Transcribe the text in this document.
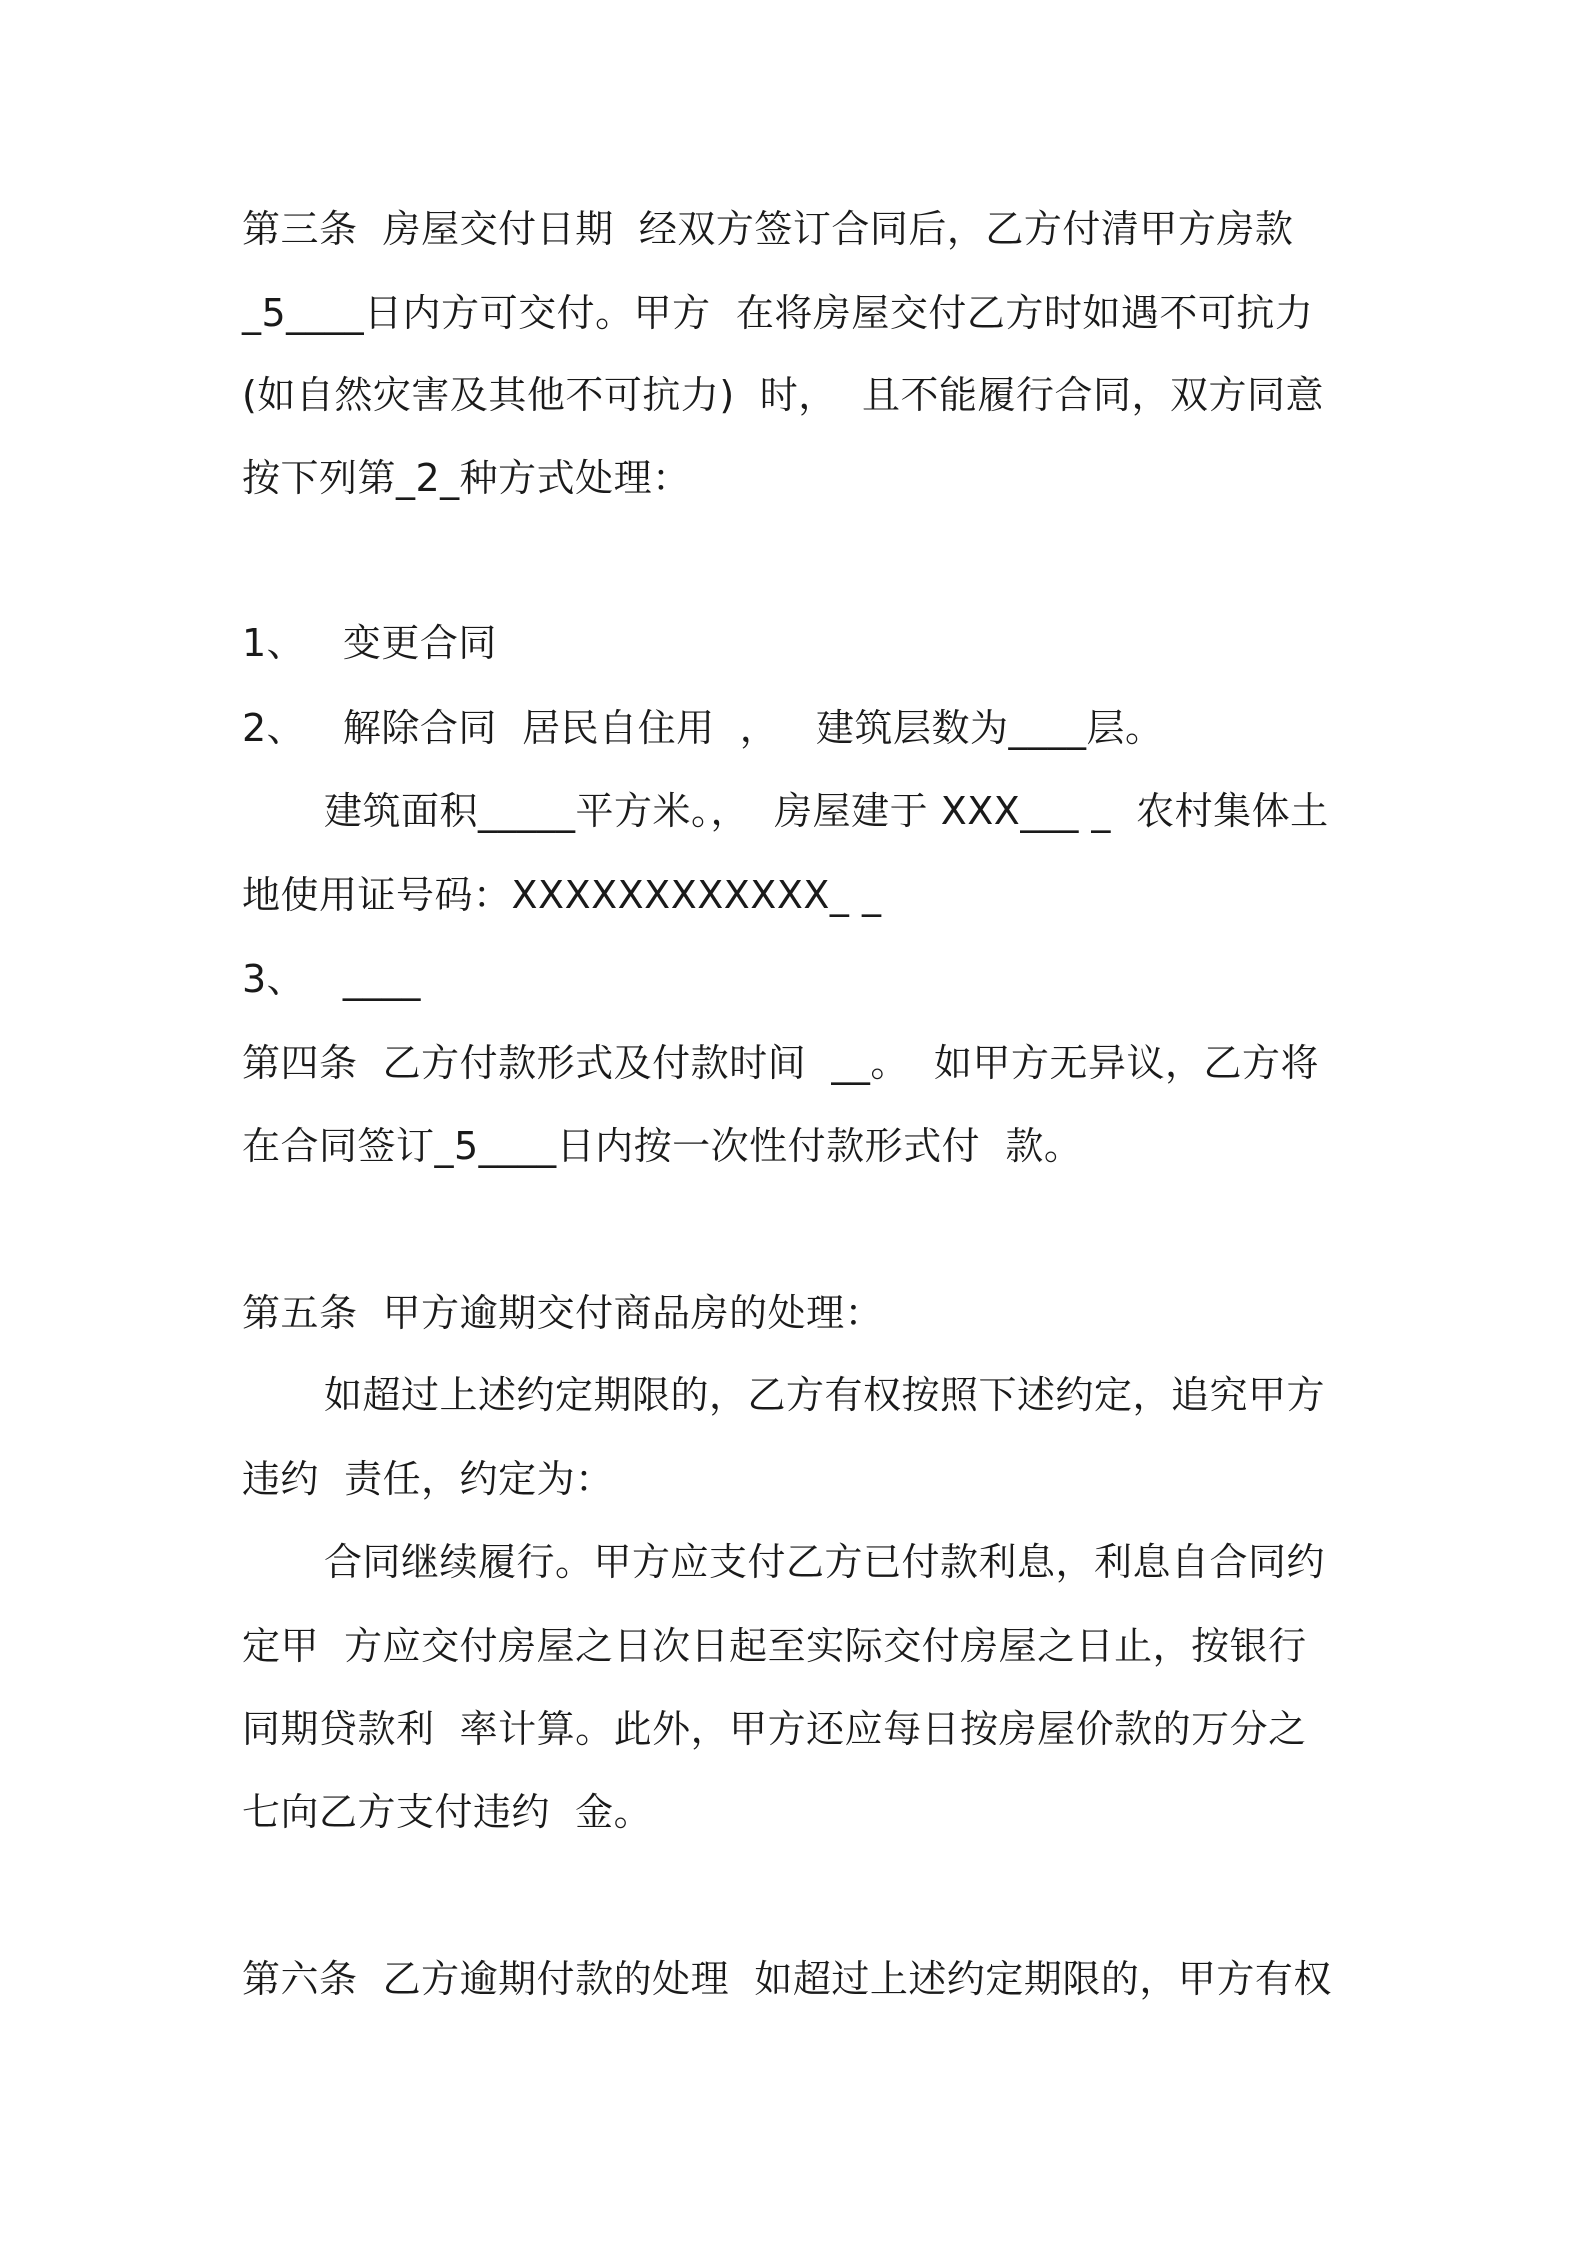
第三条  房屋交付日期  经双方签订合同后，乙方付清甲方房款
_5____日内方可交付。甲方  在将房屋交付乙方时如遇不可抗力
(如自然灾害及其他不可抗力)  时，  且不能履行合同，双方同意
按下列第_2_种方式处理：
1、   变更合同
2、   解除合同  居民自住用  ，   建筑层数为____层。
建筑面积_____平方米。，  房屋建于 XXX___ _  农村集体土
地使用证号码：XXXXXXXXXXXX_ _
3、   ____
第四条  乙方付款形式及付款时间  __。  如甲方无异议，乙方将
在合同签订_5____日内按一次性付款形式付  款。
第五条  甲方逾期交付商品房的处理：
如超过上述约定期限的，乙方有权按照下述约定，追究甲方
违约  责任，约定为：
合同继续履行。甲方应支付乙方已付款利息，利息自合同约
定甲  方应交付房屋之日次日起至实际交付房屋之日止，按银行
同期贷款利  率计算。此外，甲方还应每日按房屋价款的万分之
七向乙方支付违约  金。
第六条  乙方逾期付款的处理  如超过上述约定期限的，甲方有权
